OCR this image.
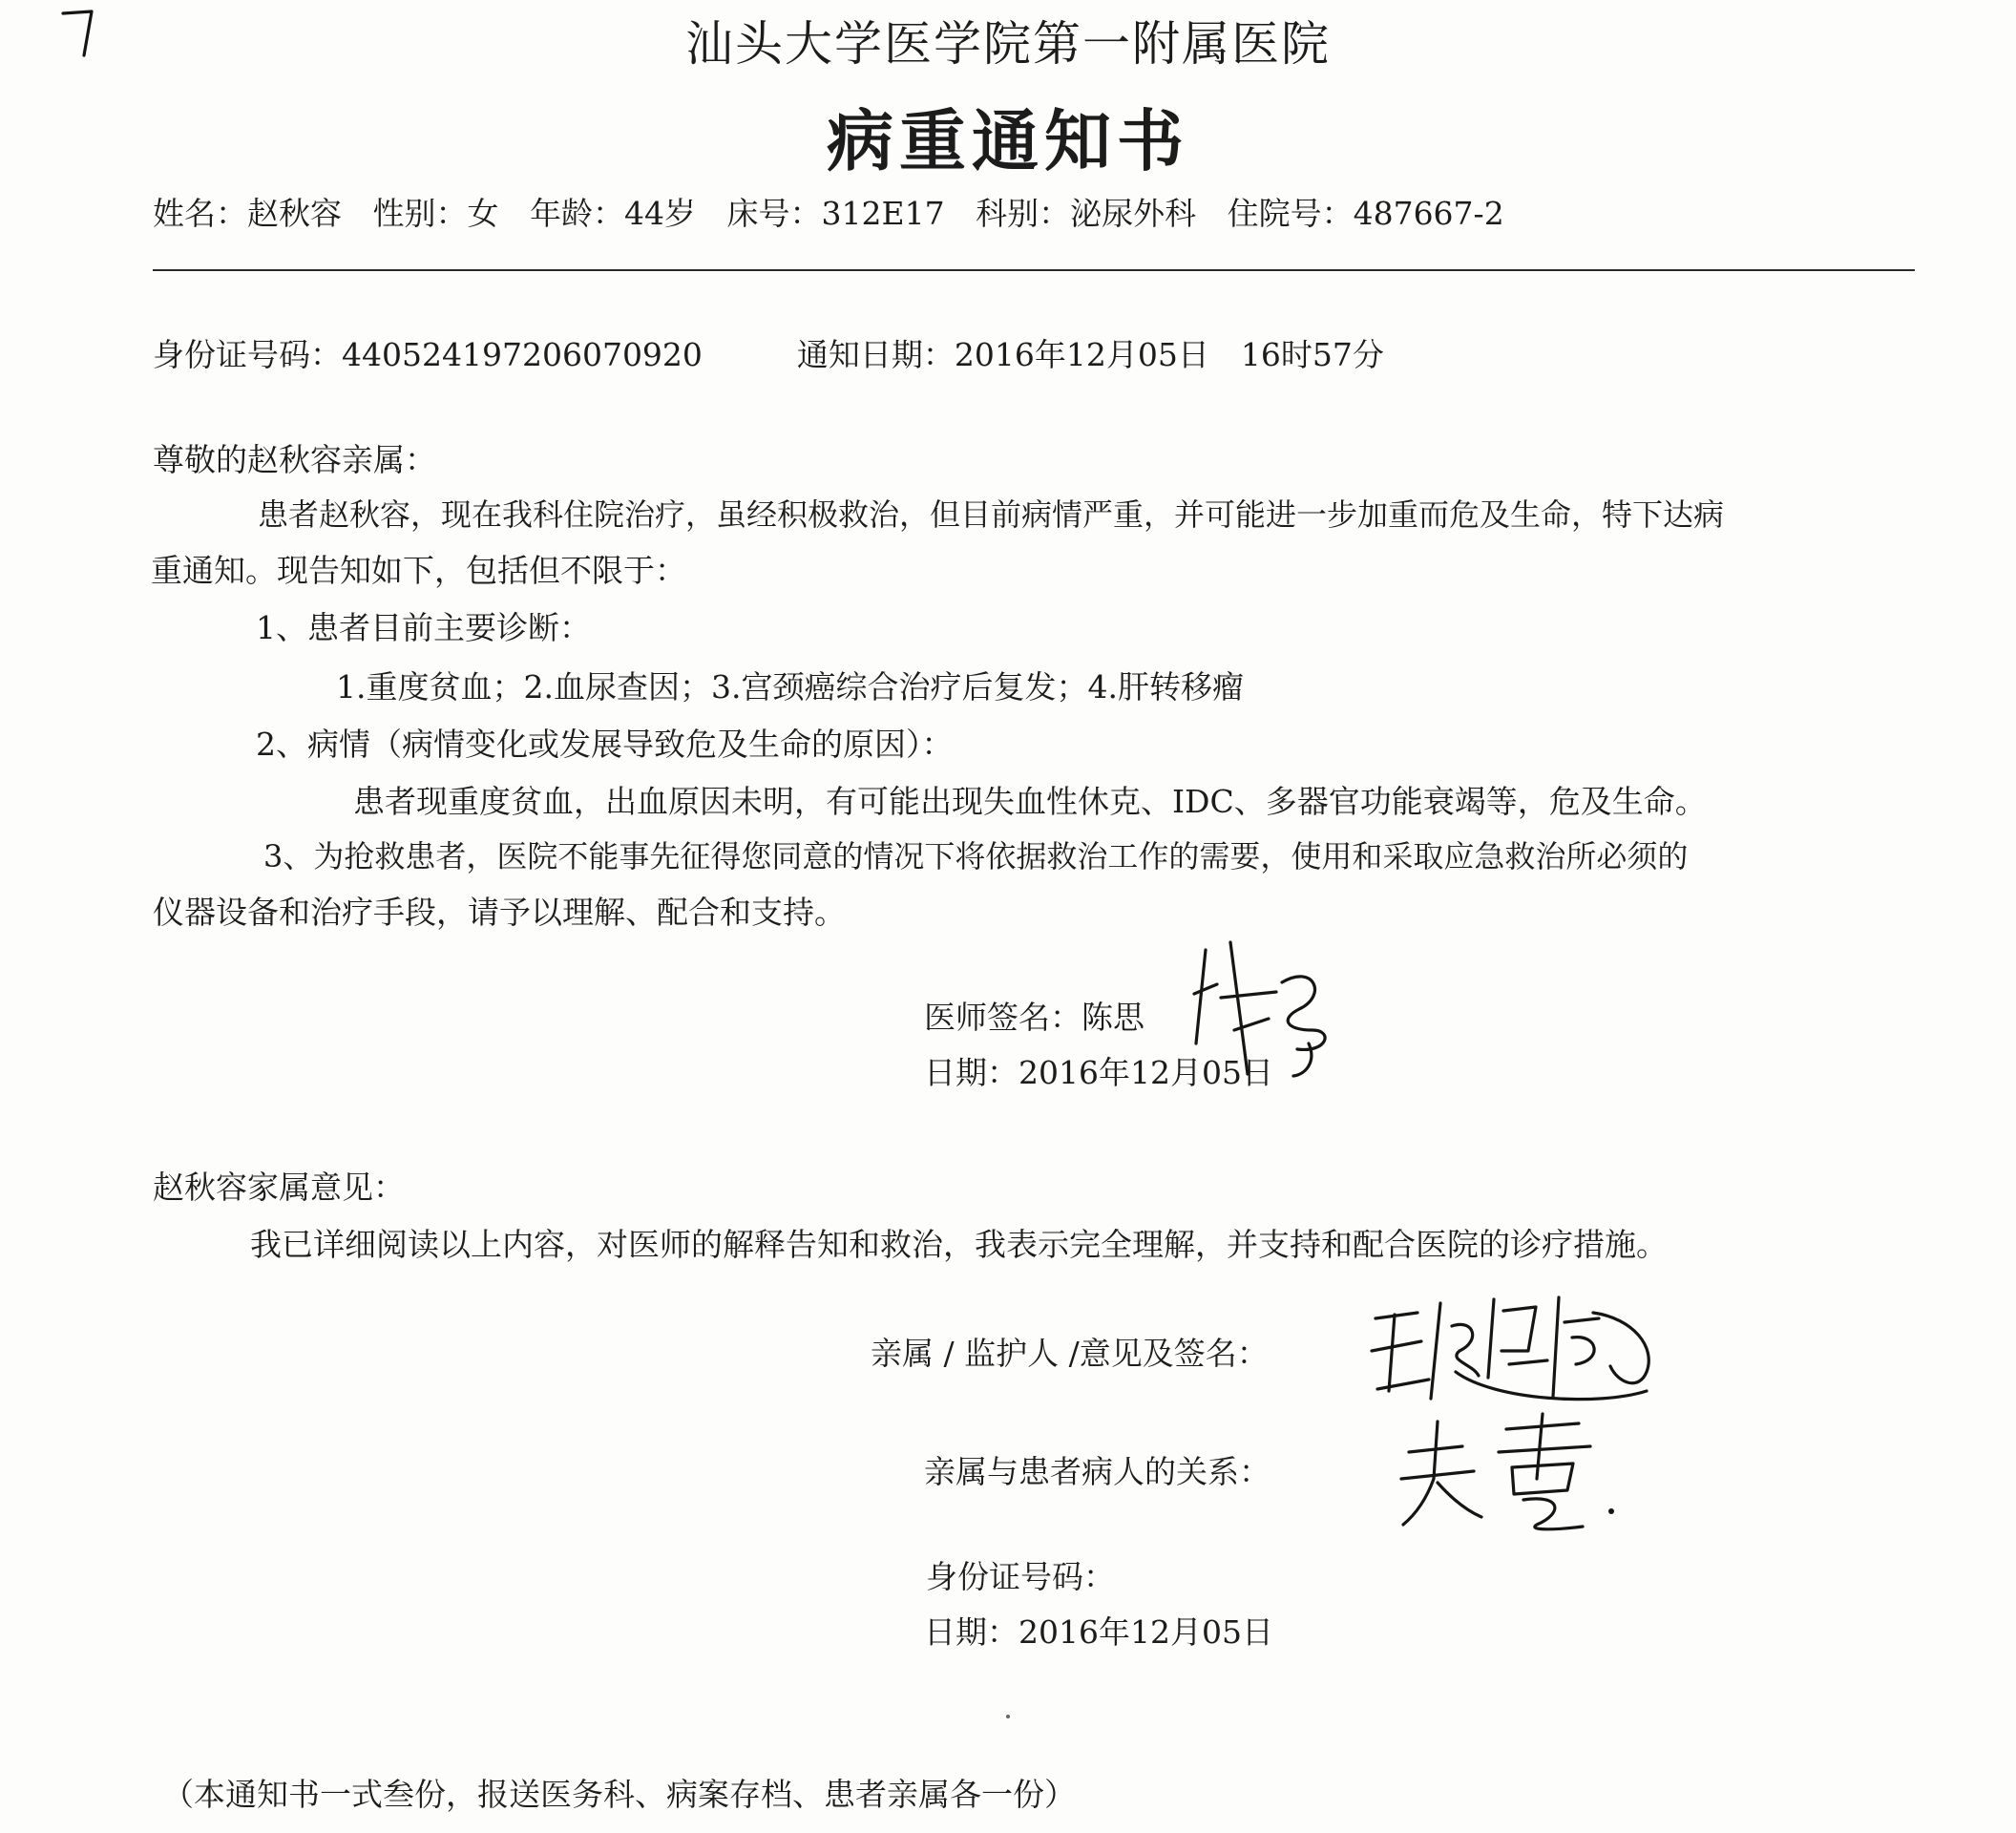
汕头大学医学院第一附属医院
病重通知书
姓名：赵秋容 性别：女 年龄：44岁 床号：312E17 科别：泌尿外科 住院号：487667-2
身份证号码：440524197206070920	通知日期：2016年12月05日　16时57分
尊敬的赵秋容亲属：
患者赵秋容，现在我科住院治疗，虽经积极救治，但目前病情严重，并可能进一步加重而危及生命，特下达病
重通知。现告知如下，包括但不限于：
1、患者目前主要诊断：
1.重度贫血；2.血尿查因；3.宫颈癌综合治疗后复发；4.肝转移瘤
2、病情（病情变化或发展导致危及生命的原因）：
患者现重度贫血，出血原因未明，有可能出现失血性休克、IDC、多器官功能衰竭等，危及生命。
3、为抢救患者，医院不能事先征得您同意的情况下将依据救治工作的需要，使用和采取应急救治所必须的
仪器设备和治疗手段，请予以理解、配合和支持。
医师签名：陈思
日期：2016年12月05日
赵秋容家属意见：
我已详细阅读以上内容，对医师的解释告知和救治，我表示完全理解，并支持和配合医院的诊疗措施。
亲属 / 监护人 /意见及签名：
亲属与患者病人的关系：
身份证号码：
日期：2016年12月05日
（本通知书一式叁份，报送医务科、病案存档、患者亲属各一份）
